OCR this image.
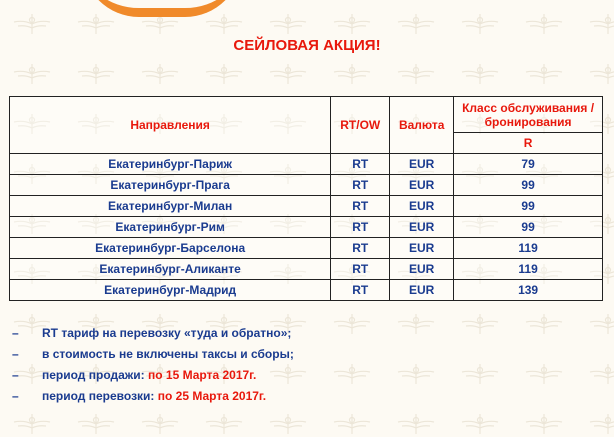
СЕЙЛОВАЯ АКЦИЯ!
Направления	RT/OW	Валюта	Класс обслуживания / бронирования
			R
Екатеринбург-Париж	RT	EUR	79
Екатеринбург-Прага	RT	EUR	99
Екатеринбург-Милан	RT	EUR	99
Екатеринбург-Рим	RT	EUR	99
Екатеринбург-Барселона	RT	EUR	119
Екатеринбург-Аликанте	RT	EUR	119
Екатеринбург-Мадрид	RT	EUR	139
– RT тариф на перевозку «туда и обратно»;
– в стоимость не включены таксы и сборы;
– период продажи: по 15 Марта 2017г.
– период перевозки: по 25 Марта 2017г.
